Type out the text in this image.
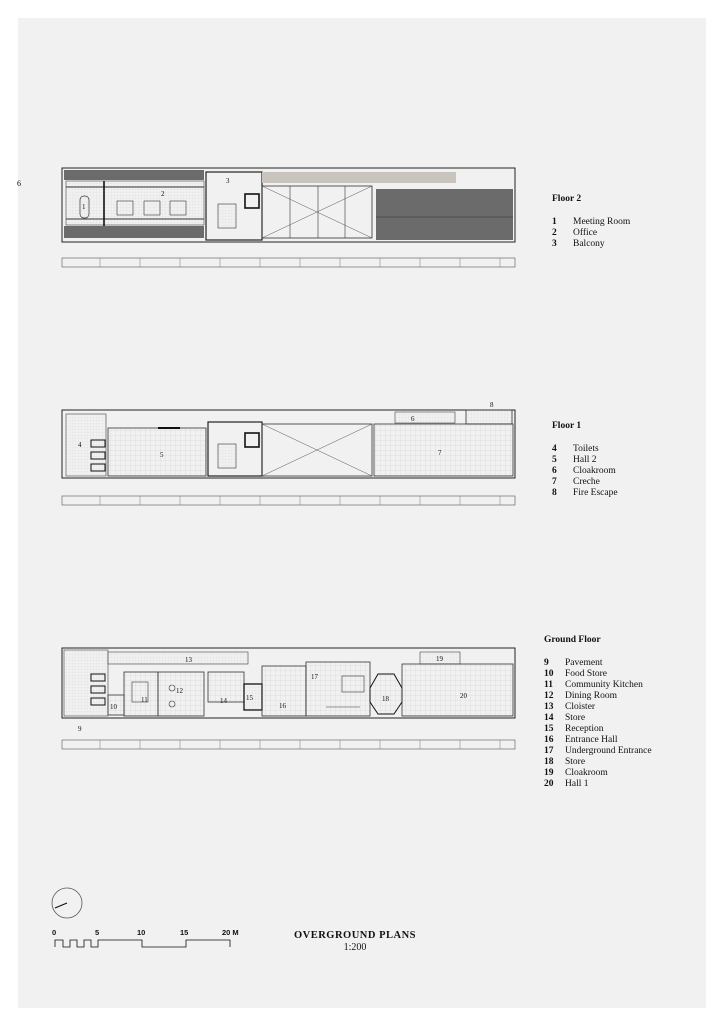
6
1
2
3
4
5
6
7
8
9
10
11
12
13
14	15
16
17
18
19
20
0	5	10	15	20 M
Floor 2
1	Meeting Room
2	Office
3	Balcony
Floor 1
4	Toilets
5	Hall 2
6	Cloakroom
7	Creche
8	Fire Escape
Ground Floor
9	Pavement
10	Food Store
11	Community Kitchen
12	Dining Room
13	Cloister
14	Store
15	Reception
16	Entrance Hall
17	Underground Entrance
18	Store
19	Cloakroom
20	Hall 1
OVERGROUND PLANS
1:200
